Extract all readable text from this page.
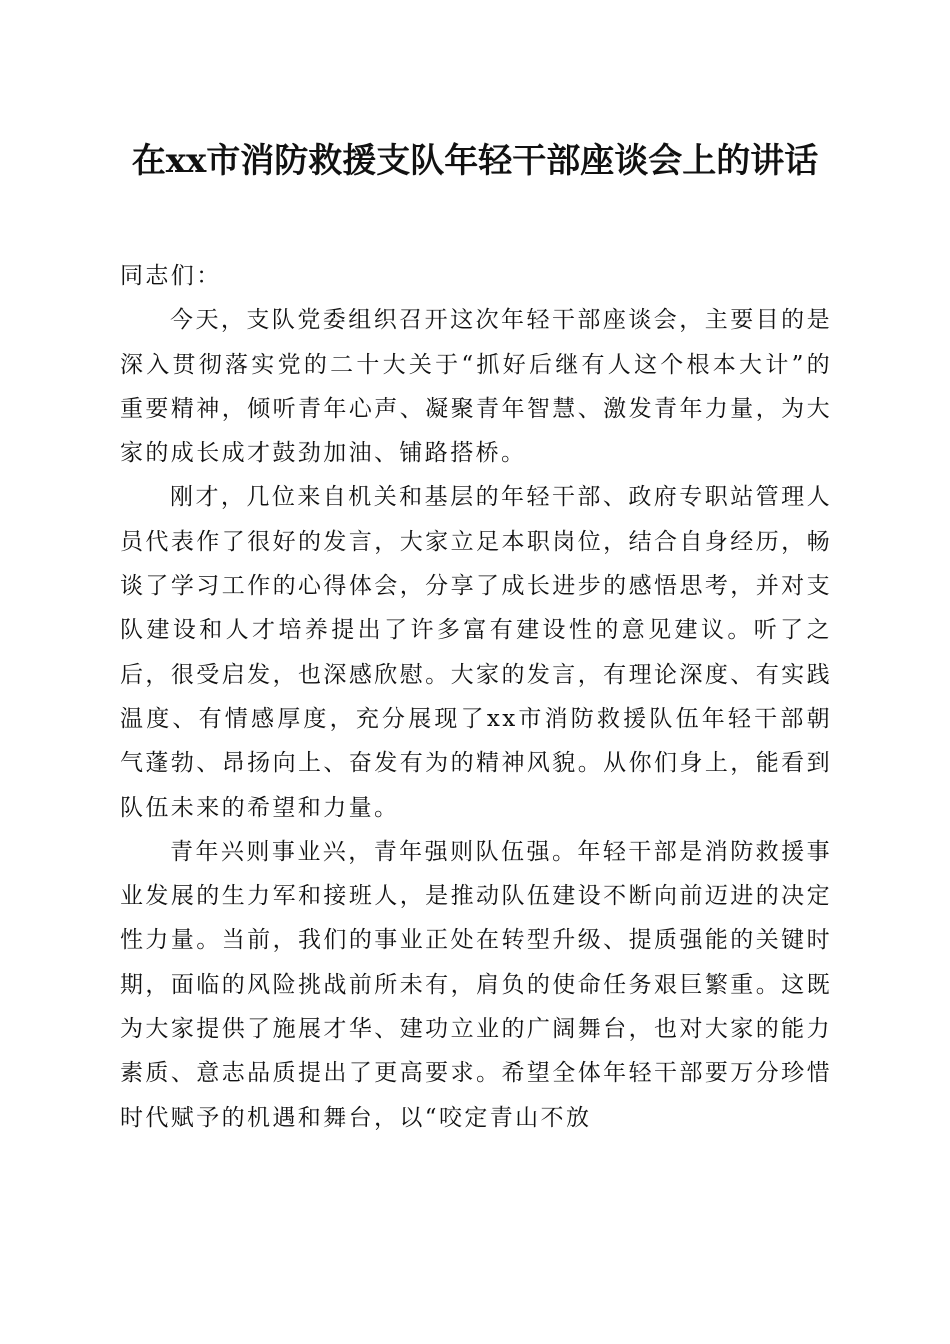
在xx市消防救援支队年轻干部座谈会上的讲话

同志们：

今天，支队党委组织召开这次年轻干部座谈会，主要目的是深入贯彻落实党的二十大关于“抓好后继有人这个根本大计”的重要精神，倾听青年心声、凝聚青年智慧、激发青年力量，为大家的成长成才鼓劲加油、铺路搭桥。

刚才，几位来自机关和基层的年轻干部、政府专职站管理人员代表作了很好的发言，大家立足本职岗位，结合自身经历，畅谈了学习工作的心得体会，分享了成长进步的感悟思考，并对支队建设和人才培养提出了许多富有建设性的意见建议。听了之后，很受启发，也深感欣慰。大家的发言，有理论深度、有实践温度、有情感厚度，充分展现了xx市消防救援队伍年轻干部朝气蓬勃、昂扬向上、奋发有为的精神风貌。从你们身上，能看到队伍未来的希望和力量。

青年兴则事业兴，青年强则队伍强。年轻干部是消防救援事业发展的生力军和接班人，是推动队伍建设不断向前迈进的决定性力量。当前，我们的事业正处在转型升级、提质强能的关键时期，面临的风险挑战前所未有，肩负的使命任务艰巨繁重。这既为大家提供了施展才华、建功立业的广阔舞台，也对大家的能力素质、意志品质提出了更高要求。希望全体年轻干部要万分珍惜时代赋予的机遇和舞台，以“咬定青山不放
